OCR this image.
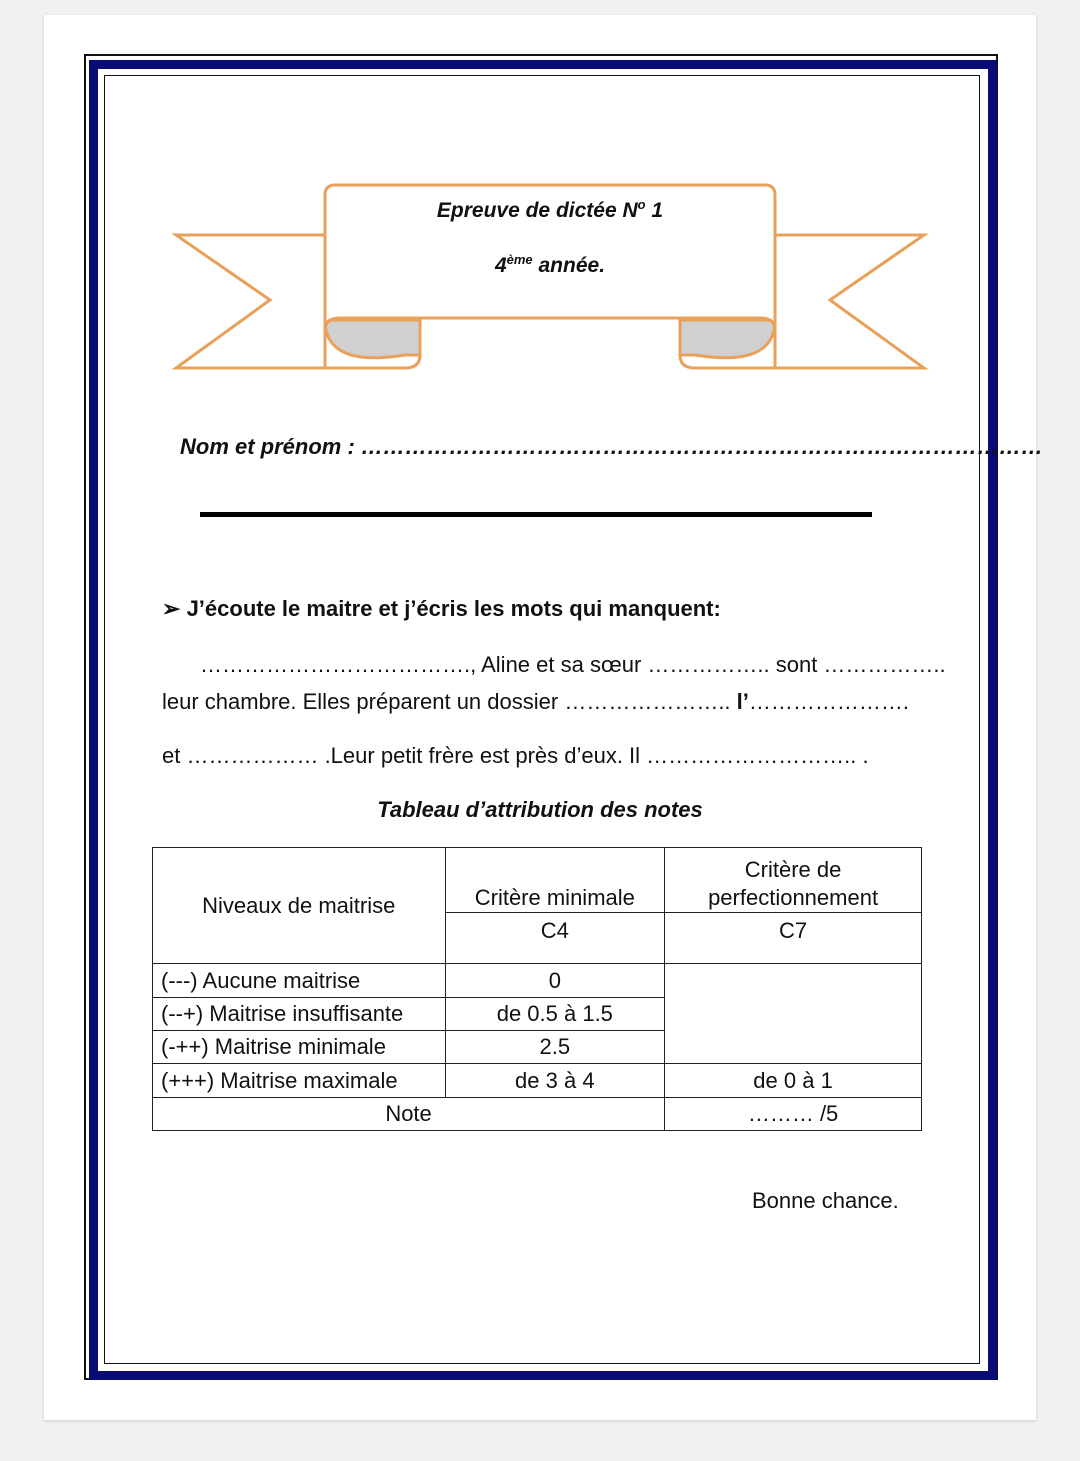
Epreuve de dictée $N^o$ 1
4ème année.
Nom et prénom : …………………………………………………………………………………
➢ J’écoute le maitre et j’écris les mots qui manquent:
………………………………., Aline et sa sœur …………….. sont ……………..
leur chambre. Elles préparent un dossier ………………….. l’………………….
et ……………… .Leur petit frère est près d’eux. Il ……………………….. .
Tableau d’attribution des notes
Niveaux de maitrise	Critère minimale	Critère de perfectionnement
	C4	C7
(---) Aucune maitrise	0	
(--+) Maitrise insuffisante	de 0.5 à 1.5	
(-++) Maitrise minimale	2.5	
(+++) Maitrise maximale	de 3 à 4	de 0 à 1
Note		……… /5
Bonne chance.
